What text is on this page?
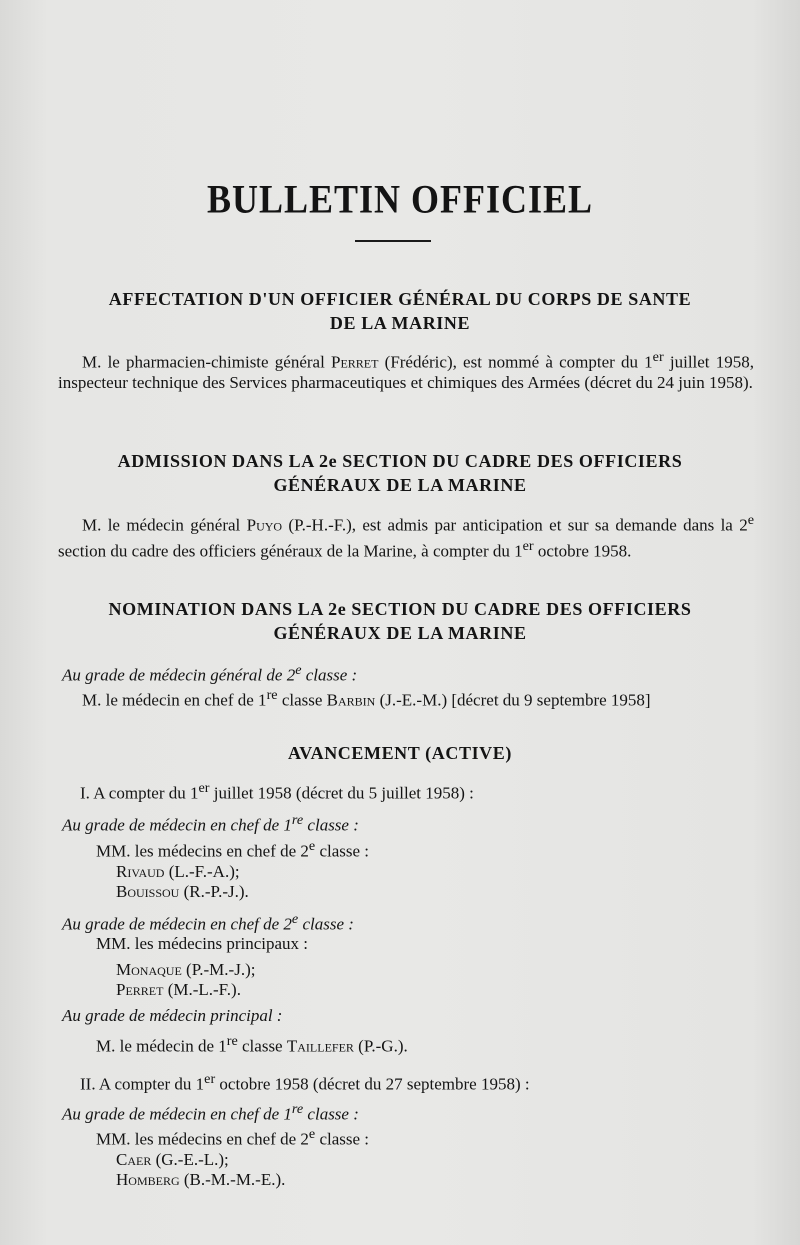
BULLETIN OFFICIEL
AFFECTATION D'UN OFFICIER GÉNÉRAL DU CORPS DE SANTE
DE LA MARINE
M. le pharmacien-chimiste général Perret (Frédéric), est nommé à compter du 1er juillet 1958, inspecteur technique des Services pharmaceutiques et chimiques des Armées (décret du 24 juin 1958).
ADMISSION DANS LA 2e SECTION DU CADRE DES OFFICIERS
GÉNÉRAUX DE LA MARINE
M. le médecin général Puyo (P.-H.-F.), est admis par anticipation et sur sa demande dans la 2e section du cadre des officiers généraux de la Marine, à compter du 1er octobre 1958.
NOMINATION DANS LA 2e SECTION DU CADRE DES OFFICIERS
GÉNÉRAUX DE LA MARINE
Au grade de médecin général de 2e classe :
M. le médecin en chef de 1re classe Barbin (J.-E.-M.) [décret du 9 septembre 1958]
AVANCEMENT (ACTIVE)
I. A compter du 1er juillet 1958 (décret du 5 juillet 1958) :
Au grade de médecin en chef de 1re classe :
MM. les médecins en chef de 2e classe :
Rivaud (L.-F.-A.);
Bouissou (R.-P.-J.).
Au grade de médecin en chef de 2e classe :
MM. les médecins principaux :
Monaque (P.-M.-J.);
Perret (M.-L.-F.).
Au grade de médecin principal :
M. le médecin de 1re classe Taillefer (P.-G.).
II. A compter du 1er octobre 1958 (décret du 27 septembre 1958) :
Au grade de médecin en chef de 1re classe :
MM. les médecins en chef de 2e classe :
Caer (G.-E.-L.);
Homberg (B.-M.-M.-E.).
